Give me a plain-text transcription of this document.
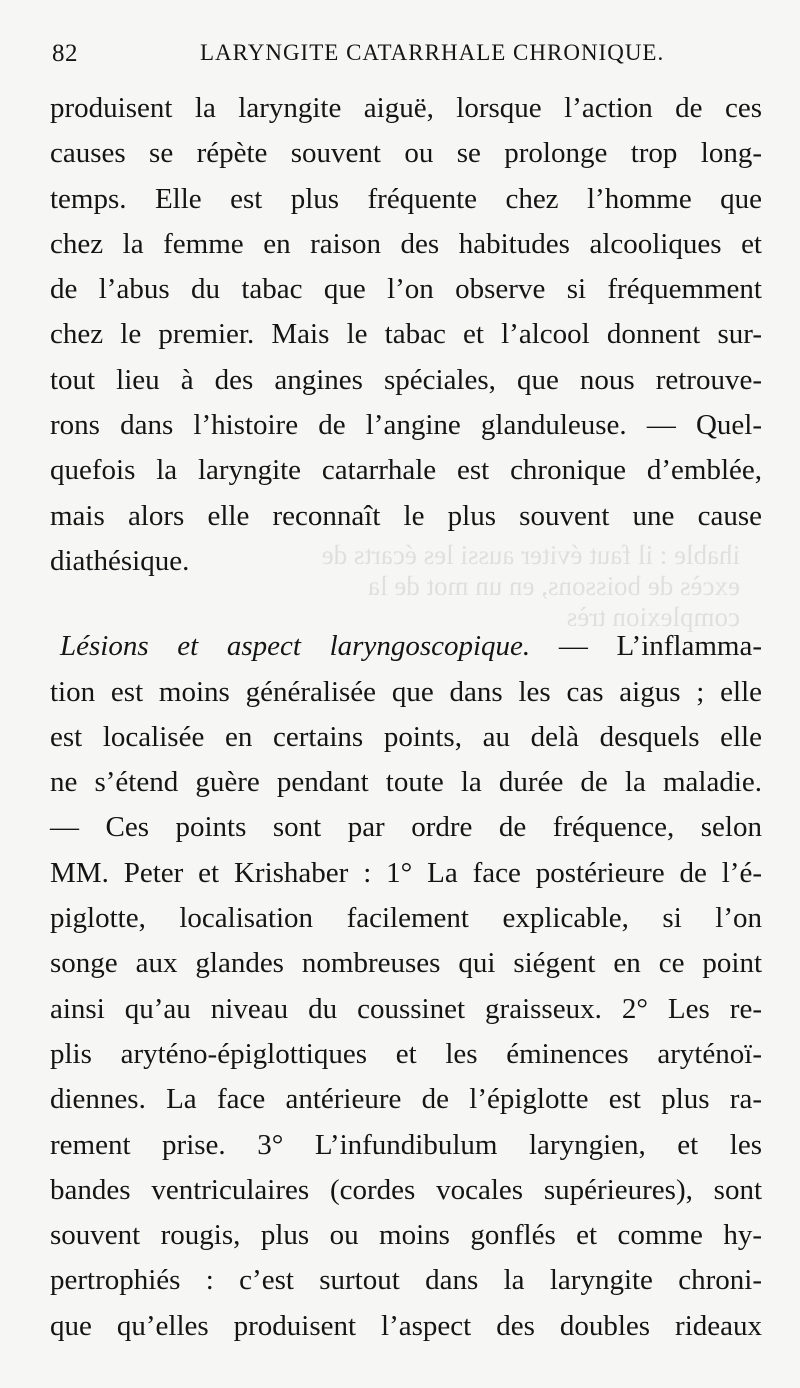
82	LARYNGITE CATARRHALE CHRONIQUE.
ihable : il faut éviter aussi les écarts de
excès de boissons, en un mot de la complexion très
produisent la laryngite aiguë, lorsque l’action de ces
causes se répète souvent ou se prolonge trop long-
temps. Elle est plus fréquente chez l’homme que
chez la femme en raison des habitudes alcooliques et
de l’abus du tabac que l’on observe si fréquemment
chez le premier. Mais le tabac et l’alcool donnent sur-
tout lieu à des angines spéciales, que nous retrouve-
rons dans l’histoire de l’angine glanduleuse. — Quel-
quefois la laryngite catarrhale est chronique d’emblée,
mais alors elle reconnaît le plus souvent une cause
diathésique.
Lésions et aspect laryngoscopique. — L’inflamma-
tion est moins généralisée que dans les cas aigus ; elle
est localisée en certains points, au delà desquels elle
ne s’étend guère pendant toute la durée de la maladie.
— Ces points sont par ordre de fréquence, selon
MM. Peter et Krishaber : 1° La face postérieure de l’é-
piglotte, localisation facilement explicable, si l’on
songe aux glandes nombreuses qui siégent en ce point
ainsi qu’au niveau du coussinet graisseux. 2° Les re-
plis aryténo-épiglottiques et les éminences aryténoï-
diennes. La face antérieure de l’épiglotte est plus ra-
rement prise. 3° L’infundibulum laryngien, et les
bandes ventriculaires (cordes vocales supérieures), sont
souvent rougis, plus ou moins gonflés et comme hy-
pertrophiés : c’est surtout dans la laryngite chroni-
que qu’elles produisent l’aspect des doubles rideaux
